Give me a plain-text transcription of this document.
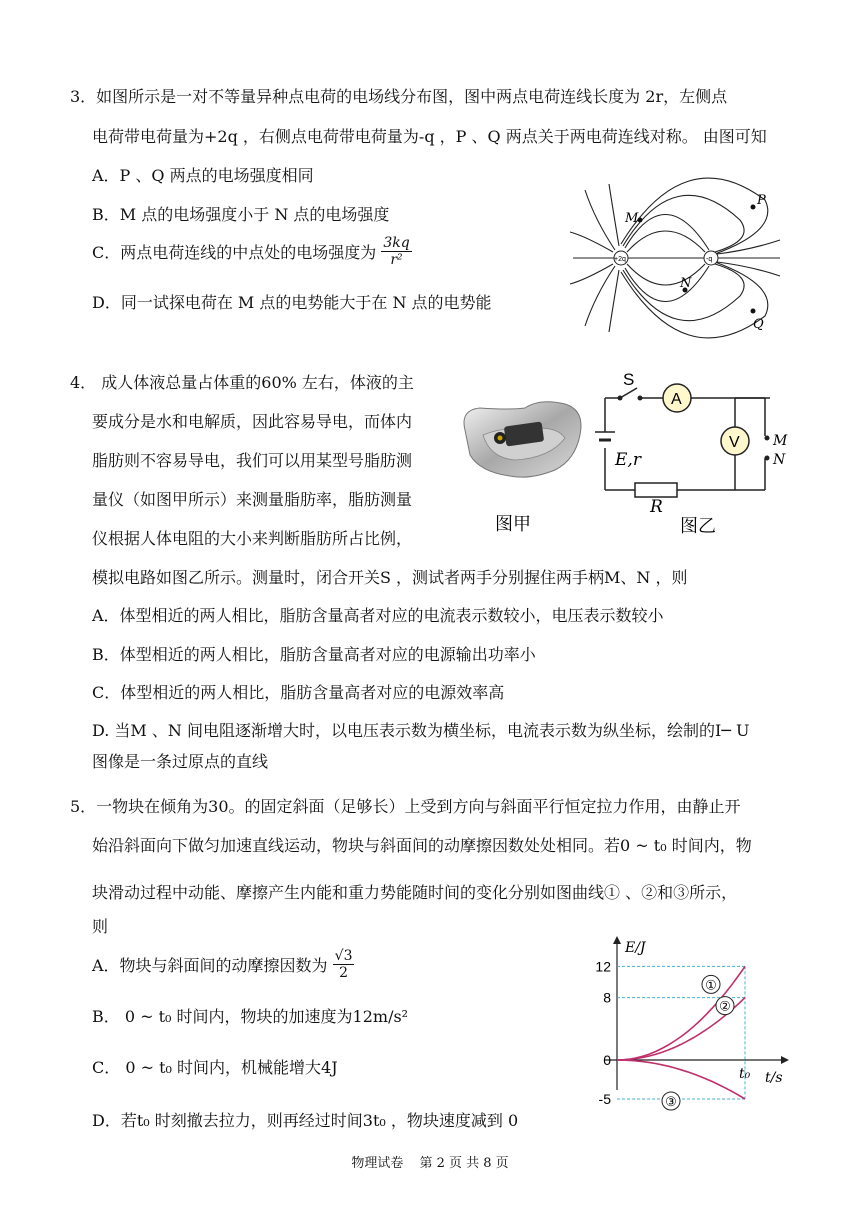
3．如图所示是一对不等量异种点电荷的电场线分布图，图中两点电荷连线长度为 2r，左侧点
电荷带电荷量为+2q ，右侧点电荷带电荷量为-q ，P 、Q 两点关于两电荷连线对称。 由图可知
A．P 、Q 两点的电场强度相同
B．M 点的电场强度小于 N 点的电场强度
C．两点电荷连线的中点处的电场强度为 $\frac{3kq}{\text{r²}}$
D．同一试探电荷在 M 点的电势能大于在 N 点的电势能
+2q	-q
P
M
N
Q
4． 成人体液总量占体重的60% 左右，体液的主
要成分是水和电解质，因此容易导电，而体内
脂肪则不容易导电，我们可以用某型号脂肪测
量仪（如图甲所示）来测量脂肪率，脂肪测量
仪根据人体电阻的大小来判断脂肪所占比例，
模拟电路如图乙所示。测量时，闭合开关S ，测试者两手分别握住两手柄M、N ，则
A．体型相近的两人相比，脂肪含量高者对应的电流表示数较小，电压表示数较小
B．体型相近的两人相比，脂肪含量高者对应的电源输出功率小
C．体型相近的两人相比，脂肪含量高者对应的电源效率高
D. 当M 、N 间电阻逐渐增大时，以电压表示数为横坐标，电流表示数为纵坐标，绘制的I─ U
图像是一条过原点的直线
图甲
A
V
S
E,r
R
M
N
图乙
5．一物块在倾角为30。的固定斜面（足够长）上受到方向与斜面平行恒定拉力作用，由静止开
始沿斜面向下做匀加速直线运动，物块与斜面间的动摩擦因数处处相同。若0 ~ t₀ 时间内，物
块滑动过程中动能、摩擦产生内能和重力势能随时间的变化分别如图曲线① 、②和③所示，
则
A．物块与斜面间的动摩擦因数为 $\frac{√3}{2}$
B． 0 ~ t₀ 时间内，物块的加速度为12m/s²
C． 0 ~ t₀ 时间内，机械能增大4J
D．若t₀ 时刻撤去拉力，则再经过时间3t₀ ，物块速度减到 0
E/J
t/s
12
8
0
-5
t₀
①
②
③
物理试卷 第 2 页 共 8 页
